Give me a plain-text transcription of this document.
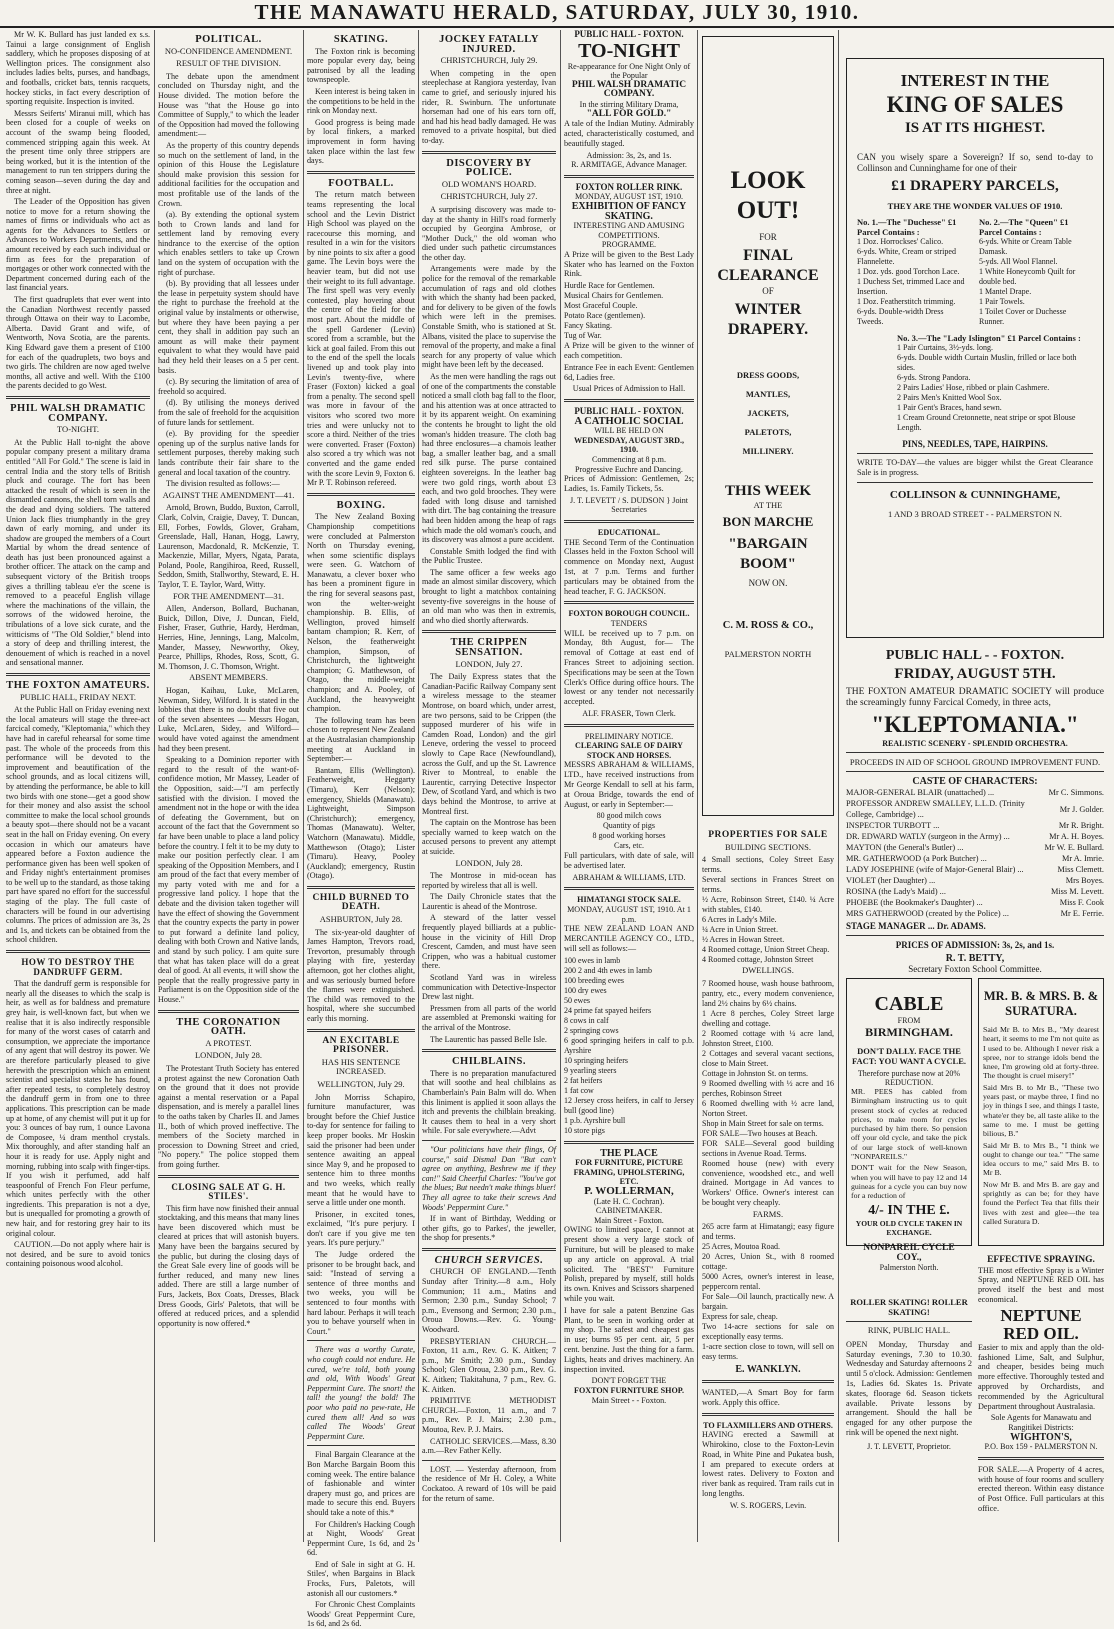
THE MANAWATU HERALD, SATURDAY, JULY 30, 1910.

Mr W. K. Bullard has just landed ex s.s. Tainui a large consignment of English saddlery, which he proposes disposing of at Wellington prices. The consignment also includes ladies belts, purses, and handbags, and footballs, cricket bats, tennis racquets, hockey sticks, in fact every description of sporting requisite. Inspection is invited.

Messrs Seiferts' Miranui mill, which has been closed for a couple of weeks on account of the swamp being flooded, commenced stripping again this week. At the present time only three strippers are being worked, but it is the intention of the management to run ten strippers during the coming season—seven during the day and three at night.

The Leader of the Opposition has given notice to move for a return showing the names of firms or individuals who act as agents for the Advances to Settlers or Advances to Workers Departments, and the amount received by each such individual or firm as fees for the preparation of mortgages or other work connected with the Department concerned during each of the last financial years.

The first quadruplets that ever went into the Canadian Northwest recently passed through Ottawa on their way to Lacombe, Alberta. David Grant and wife, of Wentworth, Nova Scotia, are the parents. King Edward gave them a present of £100 for each of the quadruplets, two boys and two girls. The children are now aged twelve months, all active and well. With the £100 the parents decided to go West.

PHIL WALSH DRAMATIC COMPANY.
TO-NIGHT.

At the Public Hall to-night the above popular company present a military drama entitled "All For Gold." The scene is laid in central India and the story tells of British pluck and courage. The fort has been attacked the result of which is seen in the dismantled cannons, the shell torn walls and the dead and dying soldiers. The tattered Union Jack flies triumphantly in the grey dawn of early morning, and under its shadow are grouped the members of a Court Martial by whom the dread sentence of death has just been pronounced against a brother officer. The attack on the camp and subsequent victory of the British troops gives a thrilling tableau e'er the scene is removed to a peaceful English village where the machinations of the villain, the sorrows of the widowed heroine, the tribulations of a love sick curate, and the witticisms of "The Old Soldier," blend into a story of deep and thrilling interest, the denouement of which is reached in a novel and sensational manner.

THE FOXTON AMATEURS.
PUBLIC HALL, FRIDAY NEXT.

At the Public Hall on Friday evening next the local amateurs will stage the three-act farcical comedy, "Kleptomania," which they have had in careful rehearsal for some time past. The whole of the proceeds from this performance will be devoted to the improvement and beautification of the school grounds, and as local citizens will, by attending the performance, be able to kill two birds with one stone—get a good show for their money and also assist the school committee to make the local school grounds a beauty spot—there should not be a vacant seat in the hall on Friday evening. On every occasion in which our amateurs have appeared before a Foxton audience the performance given has been well spoken of and Friday night's entertainment promises to be well up to the standard, as those taking part have spared no effort for the successful staging of the play. The full caste of characters will be found in our advertising columns. The prices of admission are 3s, 2s and 1s, and tickets can be obtained from the school children.

HOW TO DESTROY THE DANDRUFF GERM.

That the dandruff germ is responsible for nearly all the diseases to which the scalp is heir, as well as for baldness and premature grey hair, is well-known fact, but when we realise that it is also indirectly responsible for many of the worst cases of catarrh and consumption, we appreciate the importance of any agent that will destroy its power. We are therefore particularly pleased to give herewith the prescription which an eminent scientist and specialist states he has found, after repeated tests, to completely destroy the dandruff germ in from one to three applications. This prescription can be made up at home, of any chemist will put it up for you: 3 ounces of bay rum, 1 ounce Lavona de Composee, ¼ dram menthol crystals. Mix thoroughly, and after standing half an hour it is ready for use. Apply night and morning, rubbing into scalp with finger-tips. If you wish it perfumed, add half teaspoonful of French Fon Fleur perfume, which unites perfectly with the other ingredients. This preparation is not a dye, but is unequalled for promoting a growth of new hair, and for restoring grey hair to its original colour.

CAUTION.—Do not apply where hair is not desired, and be sure to avoid tonics containing poisonous wood alcohol.

POLITICAL.
NO-CONFIDENCE AMENDMENT.
RESULT OF THE DIVISION.

The debate upon the amendment concluded on Thursday night, and the House divided. The motion before the House was "that the House go into Committee of Supply," to which the leader of the Opposition had moved the following amendment:—

As the property of this country depends so much on the settlement of land, in the opinion of this House the Legislature should make provision this session for additional facilities for the occupation and most profitable use of the lands of the Crown.

(a). By extending the optional system both to Crown lands and land for settlement land by removing every hindrance to the exercise of the option which enables settlers to take up Crown land on the system of occupation with the right of purchase.

(b). By providing that all lessees under the lease in perpetuity system should have the right to purchase the freehold at the original value by instalments or otherwise, but where they have been paying a per cent, they shall in addition pay such an amount as will make their payment equivalent to what they would have paid had they held their leases on a 5 per cent. basis.

(c). By securing the limitation of area of freehold so acquired.

(d). By utilising the moneys derived from the sale of freehold for the acquisition of future lands for settlement.

(e). By providing for the speedier opening up of the surplus native lands for settlement purposes, thereby making such lands contribute their fair share to the general and local taxation of the country.

The division resulted as follows:—

AGAINST THE AMENDMENT—41.

Arnold, Brown, Buddo, Buxton, Carroll, Clark, Colvin, Craigie, Davey, T. Duncan, Ell, Forbes, Fowlds, Glover, Graham, Greenslade, Hall, Hanan, Hogg, Lawry, Laurenson, Macdonald, R. McKenzie, T. Mackenzie, Millar, Myers, Ngata, Parata, Poland, Poole, Rangihiroa, Reed, Russell, Seddon, Smith, Stallworthy, Steward, E. H. Taylor, T. E. Taylor, Ward, Witty.

FOR THE AMENDMENT—31.

Allen, Anderson, Bollard, Buchanan, Buick, Dillon, Dive, J. Duncan, Field, Fisher, Fraser, Guthrie, Hardy, Herdman, Herries, Hine, Jennings, Lang, Malcolm, Mander, Massey, Newworthy, Okey, Pearce, Phillips, Rhodes, Ross, Scott, G. M. Thomson, J. C. Thomson, Wright.

ABSENT MEMBERS.

Hogan, Kaihau, Luke, McLaren, Newman, Sidey, Wilford. It is stated in the lobbies that there is no doubt that five out of the seven absentees — Messrs Hogan, Luke, McLaren, Sidey, and Wilford—would have voted against the amendment had they been present.

Speaking to a Dominion reporter with regard to the result of the want-of-confidence motion, Mr Massey, Leader of the Opposition, said:—"I am perfectly satisfied with the division. I moved the amendment not in the hope or with the idea of defeating the Government, but on account of the fact that the Government so far have been unable to place a land policy before the country. I felt it to be my duty to make our position perfectly clear. I am speaking of the Opposition Members, and I am proud of the fact that every member of my party voted with me and for a progressive land policy. I hope that the debate and the division taken together will have the effect of showing the Government that the country expects the party in power to put forward a definite land policy, dealing with both Crown and Native lands, and stand by such policy. I am quite sure that what has taken place will do a great deal of good. At all events, it will show the people that the really progressive party in Parliament is on the Opposition side of the House."

THE CORONATION OATH.
A PROTEST.
LONDON, July 28.

The Protestant Truth Society has entered a protest against the new Coronation Oath on the ground that it does not provide against a mental reservation or a Papal dispensation, and is merely a parallel lines to the oaths taken by Charles II. and James II., both of which proved ineffective. The members of the Society marched in procession to Downing Street and cried, "No popery." The police stopped them from going further.

CLOSING SALE AT G. H. STILES'.

This firm have now finished their annual stocktaking, and this means that many lines have been discovered which must be cleared at prices that will astonish buyers. Many have been the bargains secured by the public, but during the closing days of the Great Sale every line of goods will be further reduced, and many new lines added. There are still a large number of Furs, Jackets, Box Coats, Dresses, Black Dress Goods, Girls' Paletots, that will be offered at reduced prices, and a splendid opportunity is now offered.*

SKATING.

The Foxton rink is becoming more popular every day, being patronised by all the leading townspeople.

Keen interest is being taken in the competitions to be held in the rink on Monday next.

Good progress is being made by local finkers, a marked improvement in form having taken place within the last few days.

FOOTBALL.

The return match between teams representing the local school and the Levin District High School was played on the racecourse this morning, and resulted in a win for the visitors by nine points to six after a good game. The Levin boys were the heavier team, but did not use their weight to its full advantage. The first spell was very evenly contested, play hovering about the centre of the field for the most part. About the middle of the spell Gardener (Levin) scored from a scramble, but the kick at goal failed. From this out to the end of the spell the locals livened up and took play into Levin's twenty-five, where Fraser (Foxton) kicked a goal from a penalty. The second spell was more in favour of the visitors who scored two more tries and were unlucky not to score a third. Neither of the tries were converted. Fraser (Foxton) also scored a try which was not converted and the game ended with the score Levin 9, Foxton 6. Mr P. T. Robinson refereed.

BOXING.

The New Zealand Boxing Championship competitions were concluded at Palmerston North on Thursday evening, when some scientific displays were seen. G. Watchorn of Manawatu, a clever boxer who has been a prominent figure in the ring for several seasons past, won the welter-weight championship. B. Ellis, of Wellington, proved himself bantam champion; R. Kerr, of Nelson, the featherweight champion, Simpson, of Christchurch, the lightweight champion; G. Matthewson, of Otago, the middle-weight champion; and A. Pooley, of Auckland, the heavyweight champion.

The following team has been chosen to represent New Zealand at the Australasian championship meeting at Auckland in September:—

Bantam, Ellis (Wellington). Featherweight, Heggarty (Timaru), Kerr (Nelson); emergency, Shields (Manawatu). Lightweight, Simpson (Christchurch); emergency, Thomas (Manawatu). Welter, Watchorn (Manawatu). Middle, Matthewson (Otago); Lister (Timaru). Heavy, Pooley (Auckland); emergency, Rustin (Otago).

CHILD BURNED TO DEATH.
ASHBURTON, July 28.

The six-year-old daughter of James Hampton, Trevors road, Trevorton, presumably through playing with fire, yesterday afternoon, got her clothes alight, and was seriously burned before the flames were extinguished. The child was removed to the hospital, where she succumbed early this morning.

AN EXCITABLE PRISONER.
HAS HIS SENTENCE INCREASED.
WELLINGTON, July 29.

John Morriss Schapiro, furniture manufacturer, was brought before the Chief Justice to-day for sentence for failing to keep proper books. Mr Hoskin said the prisoner had been under sentence awaiting an appeal since May 9, and he proposed to sentence him to three months and two weeks, which really meant that he would have to serve a little under one month.

Prisoner, in excited tones, exclaimed, "It's pure perjury. I don't care if you give me ten years. It's pure perjury."

The Judge ordered the prisoner to be brought back, and said: "Instead of serving a sentence of three months and two weeks, you will be sentenced to four months with hard labour. Perhaps it will teach you to behave yourself when in Court."

There was a worthy Curate, who cough could not endure. He cured, we're told, both young and old, With Woods' Great Peppermint Cure. The snort! the tall! the young! the bold! The poor who paid no pew-rate, He cured them all! And so was called The Woods' Great Peppermint Cure.

Final Bargain Clearance at the Bon Marche Bargain Boom this coming week. The entire balance of fashionable and winter drapery must go, and prices are made to secure this end. Buyers should take a note of this.*

For Children's Hacking Cough at Night, Woods' Great Peppermint Cure, 1s 6d, and 2s 6d.

End of Sale in sight at G. H. Stiles', when Bargains in Black Frocks, Furs, Paletots, will astonish all our customers.*

For Chronic Chest Complaints Woods' Great Peppermint Cure, 1s 6d, and 2s 6d.

JOCKEY FATALLY INJURED.
CHRISTCHURCH, July 29.

When competing in the open steeplechase at Rangiora yesterday, Ivan came to grief, and seriously injured his rider, R. Swinburn. The unfortunate horseman had one of his ears torn off, and had his head badly damaged. He was removed to a private hospital, but died to-day.

DISCOVERY BY POLICE.
OLD WOMAN'S HOARD.
CHRISTCHURCH, July 27.

A surprising discovery was made to-day at the shanty in Hill's road formerly occupied by Georgina Ambrose, or "Mother Duck," the old woman who died under such pathetic circumstances the other day.

Arrangements were made by the police for the removal of the remarkable accumulation of rags and old clothes with which the shanty had been packed, and for delivery to be given of the fowls which were left in the premises. Constable Smith, who is stationed at St. Albans, visited the place to supervise the removal of the property, and make a final search for any property of value which might have been left by the deceased.

As the men were handling the rags out of one of the compartments the constable noticed a small cloth bag fall to the floor, and his attention was at once attracted to it by its apparent weight. On examining the contents he brought to light the old woman's hidden treasure. The cloth bag had three enclosures—a chamois leather bag, a smaller leather bag, and a small red silk purse. The purse contained eighteen sovereigns. In the leather bag were two gold rings, worth about £3 each, and two gold brooches. They were faded with long disuse and tarnished with dirt. The bag containing the treasure had been hidden among the heap of rags which made the old woman's couch, and its discovery was almost a pure accident.

Constable Smith lodged the find with the Public Trustee.

The same officer a few weeks ago made an almost similar discovery, which brought to light a matchbox containing seventy-five sovereigns in the house of an old man who was then in extremis, and who died shortly afterwards.

THE CRIPPEN SENSATION.
LONDON, July 27.

The Daily Express states that the Canadian-Pacific Railway Company sent a wireless message to the steamer Montrose, on board which, under arrest, are two persons, said to be Crippen (the supposed murderer of his wife in Camden Road, London) and the girl Leneve, ordering the vessel to proceed slowly to Cape Race (Newfoundland), across the Gulf, and up the St. Lawrence River to Montreal, to enable the Laurentic, carrying Detective Inspector Dew, of Scotland Yard, and which is two days behind the Montrose, to arrive at Montreal first.

The captain on the Montrose has been specially warned to keep watch on the accused persons to prevent any attempt at suicide.

LONDON, July 28.

The Montrose in mid-ocean has reported by wireless that all is well.

The Daily Chronicle states that the Laurentic is ahead of the Montrose.

A steward of the latter vessel frequently played billiards at a public-house in the vicinity of Hill Drop Crescent, Camden, and must have seen Crippen, who was a habitual customer there.

Scotland Yard was in wireless communication with Detective-Inspector Drew last night.

Pressmen from all parts of the world are assembled at Premonski waiting for the arrival of the Montrose.

The Laurentic has passed Belle Isle.

CHILBLAINS.

There is no preparation manufactured that will soothe and heal chilblains as Chamberlain's Pain Balm will do. When this liniment is applied it soon allays the itch and prevents the chilblain breaking. It causes them to heal in a very short while. For sale everywhere.—Advt

"Our politicians have their flings, Of course," said Dismal Dan "But can't agree on anything, Beshrew me if they can!" Said Cheerful Charles: "You've got the blues; But needn't make things bluer! They all agree to take their screws And Woods' Peppermint Cure."

If in want of Birthday, Wedding or other gifts, go to Parkes', the jeweller, the shop for presents.*

CHURCH SERVICES.

CHURCH OF ENGLAND.—Tenth Sunday after Trinity.—8 a.m., Holy Communion; 11 a.m., Matins and Sermon; 2.30 p.m., Sunday School; 7 p.m., Evensong and Sermon; 2.30 p.m., Oroua Downs.—Rev. G. Young-Woodward.

PRESBYTERIAN CHURCH.—Foxton, 11 a.m., Rev. G. K. Aitken; 7 p.m., Mr Smith; 2.30 p.m., Sunday School; Glen Oroua, 2.30 p.m., Rev. G. K. Aitken; Tiakitahuna, 7 p.m., Rev. G. K. Aitken.

PRIMITIVE METHODIST CHURCH.—Foxton, 11 a.m., and 7 p.m., Rev. P. J. Mairs; 2.30 p.m., Moutoa, Rev. P. J. Mairs.

CATHOLIC SERVICES.—Mass, 8.30 a.m.—Rev Father Kelly.

LOST. — Yesterday afternoon, from the residence of Mr H. Coley, a White Cockatoo. A reward of 10s will be paid for the return of same.

PUBLIC HALL - FOXTON.
TO-NIGHT
Re-appearance for One Night Only of the Popular
PHIL WALSH DRAMATIC COMPANY.
In the stirring Military Drama,
"ALL FOR GOLD."
A tale of the Indian Mutiny. Admirably acted, characteristically costumed, and beautifully staged.
Admission: 3s, 2s, and 1s.
R. ARMITAGE, Advance Manager.
FOXTON ROLLER RINK.
MONDAY, AUGUST 1ST, 1910.
EXHIBITION OF FANCY SKATING.
INTERESTING AND AMUSING COMPETITIONS.
PROGRAMME.
A Prize will be given to the Best Lady Skater who has learned on the Foxton Rink.
Hurdle Race for Gentlemen.
Musical Chairs for Gentlemen.
Most Graceful Couple.
Potato Race (gentlemen).
Fancy Skating.
Tug of War.
A Prize will be given to the winner of each competition.
Entrance Fee in each Event: Gentlemen 6d, Ladies free.
Usual Prices of Admission to Hall.
PUBLIC HALL - FOXTON.
A CATHOLIC SOCIAL
WILL BE HELD ON
WEDNESDAY, AUGUST 3RD., 1910.
Commencing at 8 p.m.
Progressive Euchre and Dancing.
Prices of Admission: Gentlemen, 2s; Ladies, 1s. Family Tickets, 5s.
J. T. LEVETT / S. DUDSON } Joint Secretaries
EDUCATIONAL.
THE Second Term of the Continuation Classes held in the Foxton School will commence on Monday next, August 1st, at 7 p.m. Terms and further particulars may be obtained from the head teacher, F. G. JACKSON.
FOXTON BOROUGH COUNCIL.
TENDERS
WILL be received up to 7 p.m. on Monday, 8th August, for— The removal of Cottage at east end of Frances Street to adjoining section. Specifications may be seen at the Town Clerk's Office during office hours. The lowest or any tender not necessarily accepted.
ALF. FRASER, Town Clerk.
PRELIMINARY NOTICE.
CLEARING SALE OF DAIRY STOCK AND HORSES.
MESSRS ABRAHAM & WILLIAMS, LTD., have received instructions from Mr George Kendall to sell at his farm, at Oroua Bridge, towards the end of August, or early in September:—
80 good milch cows
Quantity of pigs
8 good working horses
Cars, etc.
Full particulars, with date of sale, will be advertised later.
ABRAHAM & WILLIAMS, LTD.
HIMATANGI STOCK SALE.
MONDAY, AUGUST 1ST, 1910. At 1 p.m.
THE NEW ZEALAND LOAN AND MERCANTILE AGENCY CO., LTD., will sell as follows:—
100 ewes in lamb
200 2 and 4th ewes in lamb
100 breeding ewes
100 dry ewes
50 ewes
24 prime fat spayed heifers
8 cows in calf
2 springing cows
6 good springing heifers in calf to p.b. Ayrshire
10 springing heifers
9 yearling steers
2 fat heifers
1 fat cow
12 Jersey cross heifers, in calf to Jersey bull (good line)
1 p.b. Ayrshire bull
10 store pigs
THE PLACE
FOR FURNITURE, PICTURE FRAMING, UPHOLSTERING, ETC.
P. WOLLERMAN,
(Late H. C. Cochran). CABINETMAKER.
Main Street - Foxton.
OWING to limited space, I cannot at present show a very large stock of Furniture, but will be pleased to make up any article on approval. A trial solicited. The "BEST" Furniture Polish, prepared by myself, still holds its own. Knives and Scissors sharpened while you wait.
I have for sale a patent Benzine Gas Plant, to be seen in working order at my shop. The safest and cheapest gas in use; burns 95 per cent. air, 5 per cent. benzine. Just the thing for a farm. Lights, heats and drives machinery. An inspection invited.
DON'T FORGET THE
FOXTON FURNITURE SHOP.
Main Street - - Foxton.
LOOK OUT!
FOR
FINAL CLEARANCE
OF
WINTER DRAPERY.
DRESS GOODS,
MANTLES,
JACKETS,
PALETOTS,
MILLINERY.
THIS WEEK
AT THE
BON MARCHE
"BARGAIN BOOM"
NOW ON.
C. M. ROSS & CO.,
PALMERSTON NORTH
PROPERTIES FOR SALE
BUILDING SECTIONS.
4 Small sections, Coley Street Easy terms.
Several sections in Frances Street on terms.
½ Acre, Robinson Street, £140. ¼ Acre with stables, £140.
6 Acres in Lady's Mile.
¼ Acre in Union Street.
½ Acres in Howan Street.
4 Roomed cottage, Union Street Cheap.
4 Roomed cottage, Johnston Street
DWELLINGS.
7 Roomed house, wash house bathroom, pantry, etc., every modern convenience, land 2½ chains by 6½ chains.
1 Acre 8 perches, Coley Street large dwelling and cottage.
2 Roomed cottage with ¼ acre land, Johnston Street, £100.
2 Cottages and several vacant sections, close to Main Street.
Cottage in Johnston St. on terms.
9 Roomed dwelling with ½ acre and 16 perches, Robinson Street
6 Roomed dwelling with ½ acre land, Norton Street.
Shop in Main Street for sale on terms.
FOR SALE—Two houses at Beach.
FOR SALE—Several good building sections in Avenue Road. Terms.
Roomed house (new) with every convenience, woodshed etc., and well drained. Mortgage in Ad vances to Workers' Office. Owner's interest can be bought very cheaply.
FARMS.
265 acre farm at Himatangi; easy figure and terms.
25 Acres, Moutoa Road.
20 Acres, Union St., with 8 roomed cottage.
5000 Acres, owner's interest in lease, peppercorn rental.
For Sale—Oil launch, practically new. A bargain.
Express for sale, cheap.
Two 14-acre sections for sale on exceptionally easy terms.
1-acre section close to town, will sell on easy terms.
E. WANKLYN.
WANTED,—A Smart Boy for farm work. Apply this office.
TO FLAXMILLERS AND OTHERS.
HAVING erected a Sawmill at Whirokino, close to the Foxton-Levin Road, in White Pine and Pukatea bush, I am prepared to execute orders at lowest rates. Delivery to Foxton and river bank as required. Tram rails cut in long lengths.
W. S. ROGERS, Levin.
INTEREST IN THE
KING OF SALES
IS AT ITS HIGHEST.
CAN you wisely spare a Sovereign? If so, send to-day to Collinson and Cunninghame for one of their
£1 DRAPERY PARCELS,
THEY ARE THE WONDER VALUES OF 1910.
No. 1.—The "Duchesse" £1 Parcel Contains :
1 Doz. Horrockses' Calico.
6-yds. White, Cream or striped Flannelette.
1 Doz. yds. good Torchon Lace.
1 Duchess Set, trimmed Lace and Insertion.
1 Doz. Featherstitch trimming.
6-yds. Double-width Dress Tweeds.
No. 2.—The "Queen" £1 Parcel Contains :
6-yds. White or Cream Table Damask.
5-yds. All Wool Flannel.
1 White Honeycomb Quilt for double bed.
1 Mantel Drape.
1 Pair Towels.
1 Toilet Cover or Duchesse Runner.
No. 3.—The "Lady Islington" £1 Parcel Contains :
1 Pair Curtains, 3½-yds. long.
6-yds. Double width Curtain Muslin, frilled or lace both sides.
6-yds. Strong Pandora.
2 Pairs Ladies' Hose, ribbed or plain Cashmere.
2 Pairs Men's Knitted Wool Sox.
1 Pair Gent's Braces, hand sewn.
1 Cream Ground Cretonnette, neat stripe or spot Blouse Length.
PINS, NEEDLES, TAPE, HAIRPINS.
WRITE TO-DAY—the values are bigger whilst the Great Clearance Sale is in progress.
COLLINSON & CUNNINGHAME,
1 AND 3 BROAD STREET - - PALMERSTON N.
PUBLIC HALL - - FOXTON.
FRIDAY, AUGUST 5TH.
THE FOXTON AMATEUR DRAMATIC SOCIETY will produce the screamingly funny Farcical Comedy, in three acts,
"KLEPTOMANIA."
REALISTIC SCENERY - SPLENDID ORCHESTRA.
PROCEEDS IN AID OF SCHOOL GROUND IMPROVEMENT FUND.
CASTE OF CHARACTERS:
MAJOR-GENERAL BLAIR (unattached) ...	Mr C. Simmons.
PROFESSOR ANDREW SMALLEY, L.L.D. (Trinity College, Cambridge) ...	Mr J. Golder.
INSPECTOR TURBOTT ...	Mr R. Bright.
DR. EDWARD WATLY (surgeon in the Army) ...	Mr A. H. Boyes.
MAYTON (the General's Butler) ...	Mr W. E. Bullard.
MR. GATHERWOOD (a Pork Butcher) ...	Mr A. Imrie.
LADY JOSEPHINE (wife of Major-General Blair) ...	Miss Clemett.
VIOLET (her Daughter) ...	Mrs Boyes.
ROSINA (the Lady's Maid) ...	Miss M. Levett.
PHOEBE (the Bookmaker's Daughter) ...	Miss F. Cook
MRS GATHERWOOD (created by the Police) ...	Mr E. Ferrie.
STAGE MANAGER ... Dr. ADAMS.
PRICES OF ADMISSION: 3s, 2s, and 1s.
R. T. BETTY,
Secretary Foxton School Committee.
CABLE
FROM
BIRMINGHAM.
DON'T DALLY. FACE THE FACT: YOU WANT A CYCLE.
Therefore purchase now at 20% REDUCTION.
MR. PEES has cabled from Birmingham instructing us to quit present stock of cycles at reduced prices, to make room for cycles purchased by him there. So pension off your old cycle, and take the pick of our large stock of well-known "NONPAREILS."
DON'T wait for the New Season, when you will have to pay 12 and 14 guineas for a cycle you can buy now for a reduction of
4/- IN THE £.
YOUR OLD CYCLE TAKEN IN EXCHANGE.
NONPAREIL CYCLE COY.,
Palmerston North.
MR. B. & MRS. B. & SURATURA.
Said Mr B. to Mrs B., "My dearest heart, it seems to me I'm not quite as I used to be. Although I never risk a spree, nor to strange idols bend the knee, I'm growing old at forty-three. The thought is cruel misery!"
Said Mrs B. to Mr B., "These two years past, or maybe three, I find no joy in things I see, and things I taste, whate'er they be, all taste alike to the same to me. I must be getting bilious, B."
Said Mr B. to Mrs B., "I think we ought to change our tea." "The same idea occurs to me," said Mrs B. to Mr B.
Now Mr B. and Mrs B. are gay and sprightly as can be; for they have found the Perfect Tea that fills their lives with zest and glee—the tea called Suratura D.
ROLLER SKATING! ROLLER SKATING!
RINK, PUBLIC HALL.
OPEN Monday, Thursday and Saturday evenings, 7.30 to 10.30. Wednesday and Saturday afternoons 2 until 5 o'clock. Admission: Gentlemen 1s, Ladies 6d. Skates 1s. Private skates, floorage 6d. Season tickets available. Private lessons by arrangement. Should the hall be engaged for any other purpose the rink will be opened the next night.
J. T. LEVETT, Proprietor.
EFFECTIVE SPRAYING.
THE most effective Spray is a Winter Spray, and NEPTUNE RED OIL has proved itself the best and most economical.
NEPTUNE
RED OIL.
Easier to mix and apply than the old-fashioned Lime, Salt, and Sulphur, and cheaper, besides being much more effective. Thoroughly tested and approved by Orchardists, and recommended by the Agricultural Department throughout Australasia.
Sole Agents for Manawatu and Rangitikei Districts:
WIGHTON'S,
P.O. Box 159 - PALMERSTON N.
FOR SALE.—A Property of 4 acres, with house of four rooms and scullery erected thereon. Within easy distance of Post Office. Full particulars at this office.
